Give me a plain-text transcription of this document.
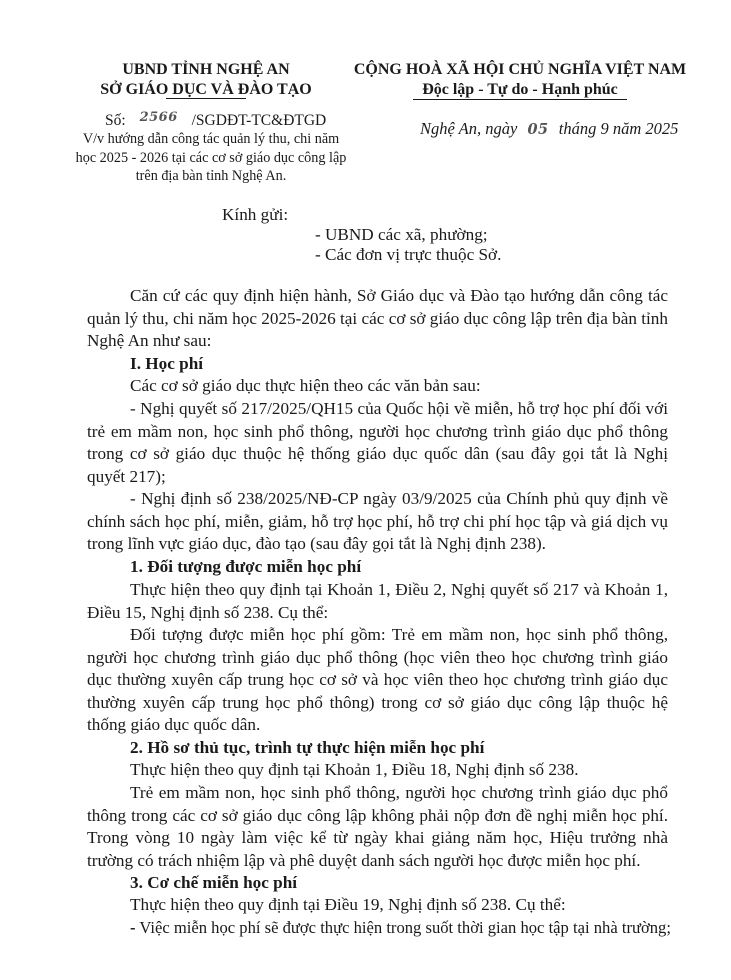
UBND TỈNH NGHỆ AN
SỞ GIÁO DỤC VÀ ĐÀO TẠO
Số: $^{2566}$ /SGDĐT-TC&ĐTGD
V/v hướng dẫn công tác quản lý thu, chi năm học 2025 - 2026 tại các cơ sở giáo dục công lập trên địa bàn tỉnh Nghệ An.
CỘNG HOÀ XÃ HỘI CHỦ NGHĨA VIỆT NAM
Độc lập - Tự do - Hạnh phúc
Nghệ An, ngày 05 tháng 9 năm 2025
Kính gửi:
- UBND các xã, phường;
- Các đơn vị trực thuộc Sở.
Căn cứ các quy định hiện hành, Sở Giáo dục và Đào tạo hướng dẫn công tác quản lý thu, chi năm học 2025-2026 tại các cơ sở giáo dục công lập trên địa bàn tỉnh Nghệ An như sau:
I. Học phí
Các cơ sở giáo dục thực hiện theo các văn bản sau:
- Nghị quyết số 217/2025/QH15 của Quốc hội về miễn, hỗ trợ học phí đối với trẻ em mầm non, học sinh phổ thông, người học chương trình giáo dục phổ thông trong cơ sở giáo dục thuộc hệ thống giáo dục quốc dân (sau đây gọi tắt là Nghị quyết 217);
- Nghị định số 238/2025/NĐ-CP ngày 03/9/2025 của Chính phủ quy định về chính sách học phí, miễn, giảm, hỗ trợ học phí, hỗ trợ chi phí học tập và giá dịch vụ trong lĩnh vực giáo dục, đào tạo (sau đây gọi tắt là Nghị định 238).
1. Đối tượng được miễn học phí
Thực hiện theo quy định tại Khoản 1, Điều 2, Nghị quyết số 217 và Khoản 1, Điều 15, Nghị định số 238. Cụ thể:
Đối tượng được miễn học phí gồm: Trẻ em mầm non, học sinh phổ thông, người học chương trình giáo dục phổ thông (học viên theo học chương trình giáo dục thường xuyên cấp trung học cơ sở và học viên theo học chương trình giáo dục thường xuyên cấp trung học phổ thông) trong cơ sở giáo dục công lập thuộc hệ thống giáo dục quốc dân.
2. Hồ sơ thủ tục, trình tự thực hiện miễn học phí
Thực hiện theo quy định tại Khoản 1, Điều 18, Nghị định số 238.
Trẻ em mầm non, học sinh phổ thông, người học chương trình giáo dục phổ thông trong các cơ sở giáo dục công lập không phải nộp đơn đề nghị miễn học phí. Trong vòng 10 ngày làm việc kể từ ngày khai giảng năm học, Hiệu trưởng nhà trường có trách nhiệm lập và phê duyệt danh sách người học được miễn học phí.
3. Cơ chế miễn học phí
Thực hiện theo quy định tại Điều 19, Nghị định số 238. Cụ thể:
- Việc miễn học phí sẽ được thực hiện trong suốt thời gian học tập tại nhà trường;
